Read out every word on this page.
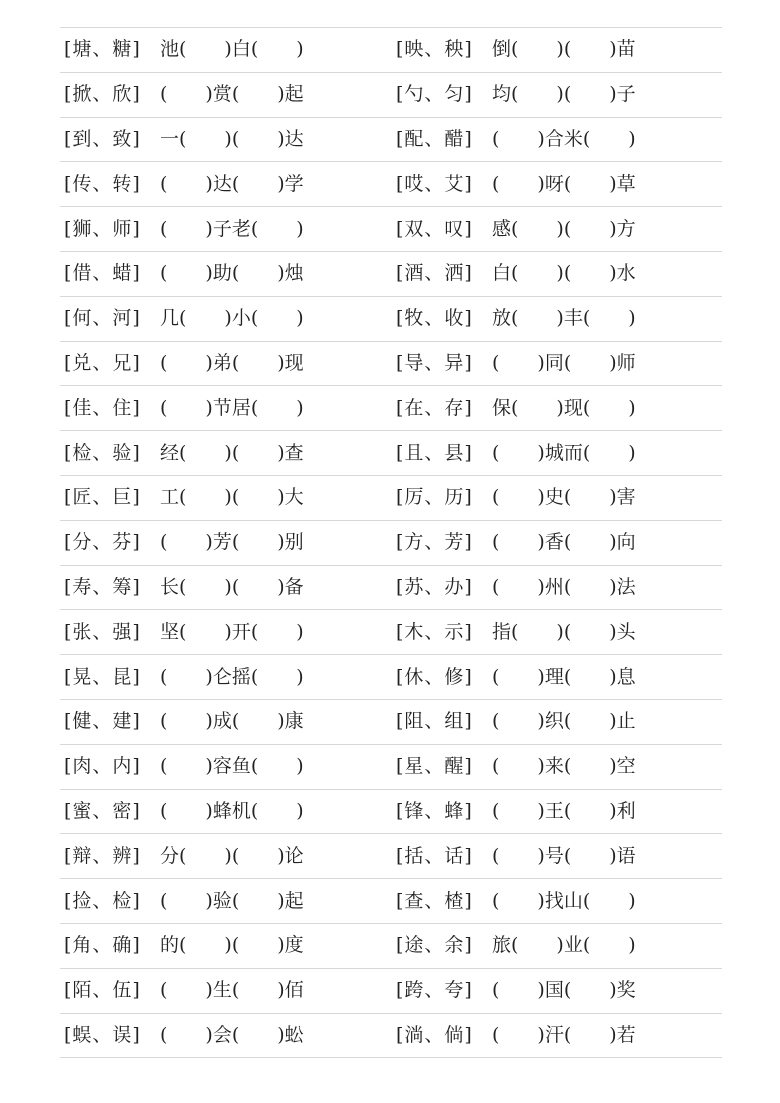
[塘、糖]	池(　　)白(　　)	[映、秧]	倒(　　)(　　)苗
[掀、欣]	(　　)赏(　　)起	[勺、匀]	均(　　)(　　)子
[到、致]	一(　　)(　　)达	[配、醋]	(　　)合米(　　)
[传、转]	(　　)达(　　)学	[哎、艾]	(　　)呀(　　)草
[狮、师]	(　　)子老(　　)	[双、叹]	感(　　)(　　)方
[借、蜡]	(　　)助(　　)烛	[酒、洒]	白(　　)(　　)水
[何、河]	几(　　)小(　　)	[牧、收]	放(　　)丰(　　)
[兑、兄]	(　　)弟(　　)现	[导、异]	(　　)同(　　)师
[佳、住]	(　　)节居(　　)	[在、存]	保(　　)现(　　)
[检、验]	经(　　)(　　)查	[且、县]	(　　)城而(　　)
[匠、巨]	工(　　)(　　)大	[厉、历]	(　　)史(　　)害
[分、芬]	(　　)芳(　　)别	[方、芳]	(　　)香(　　)向
[寿、筹]	长(　　)(　　)备	[苏、办]	(　　)州(　　)法
[张、强]	坚(　　)开(　　)	[木、示]	指(　　)(　　)头
[晃、昆]	(　　)仑摇(　　)	[休、修]	(　　)理(　　)息
[健、建]	(　　)成(　　)康	[阻、组]	(　　)织(　　)止
[肉、内]	(　　)容鱼(　　)	[星、醒]	(　　)来(　　)空
[蜜、密]	(　　)蜂机(　　)	[锋、蜂]	(　　)王(　　)利
[辩、辨]	分(　　)(　　)论	[括、话]	(　　)号(　　)语
[捡、检]	(　　)验(　　)起	[查、楂]	(　　)找山(　　)
[角、确]	的(　　)(　　)度	[途、余]	旅(　　)业(　　)
[陌、伍]	(　　)生(　　)佰	[跨、夸]	(　　)国(　　)奖
[蜈、误]	(　　)会(　　)蚣	[淌、倘]	(　　)汗(　　)若
